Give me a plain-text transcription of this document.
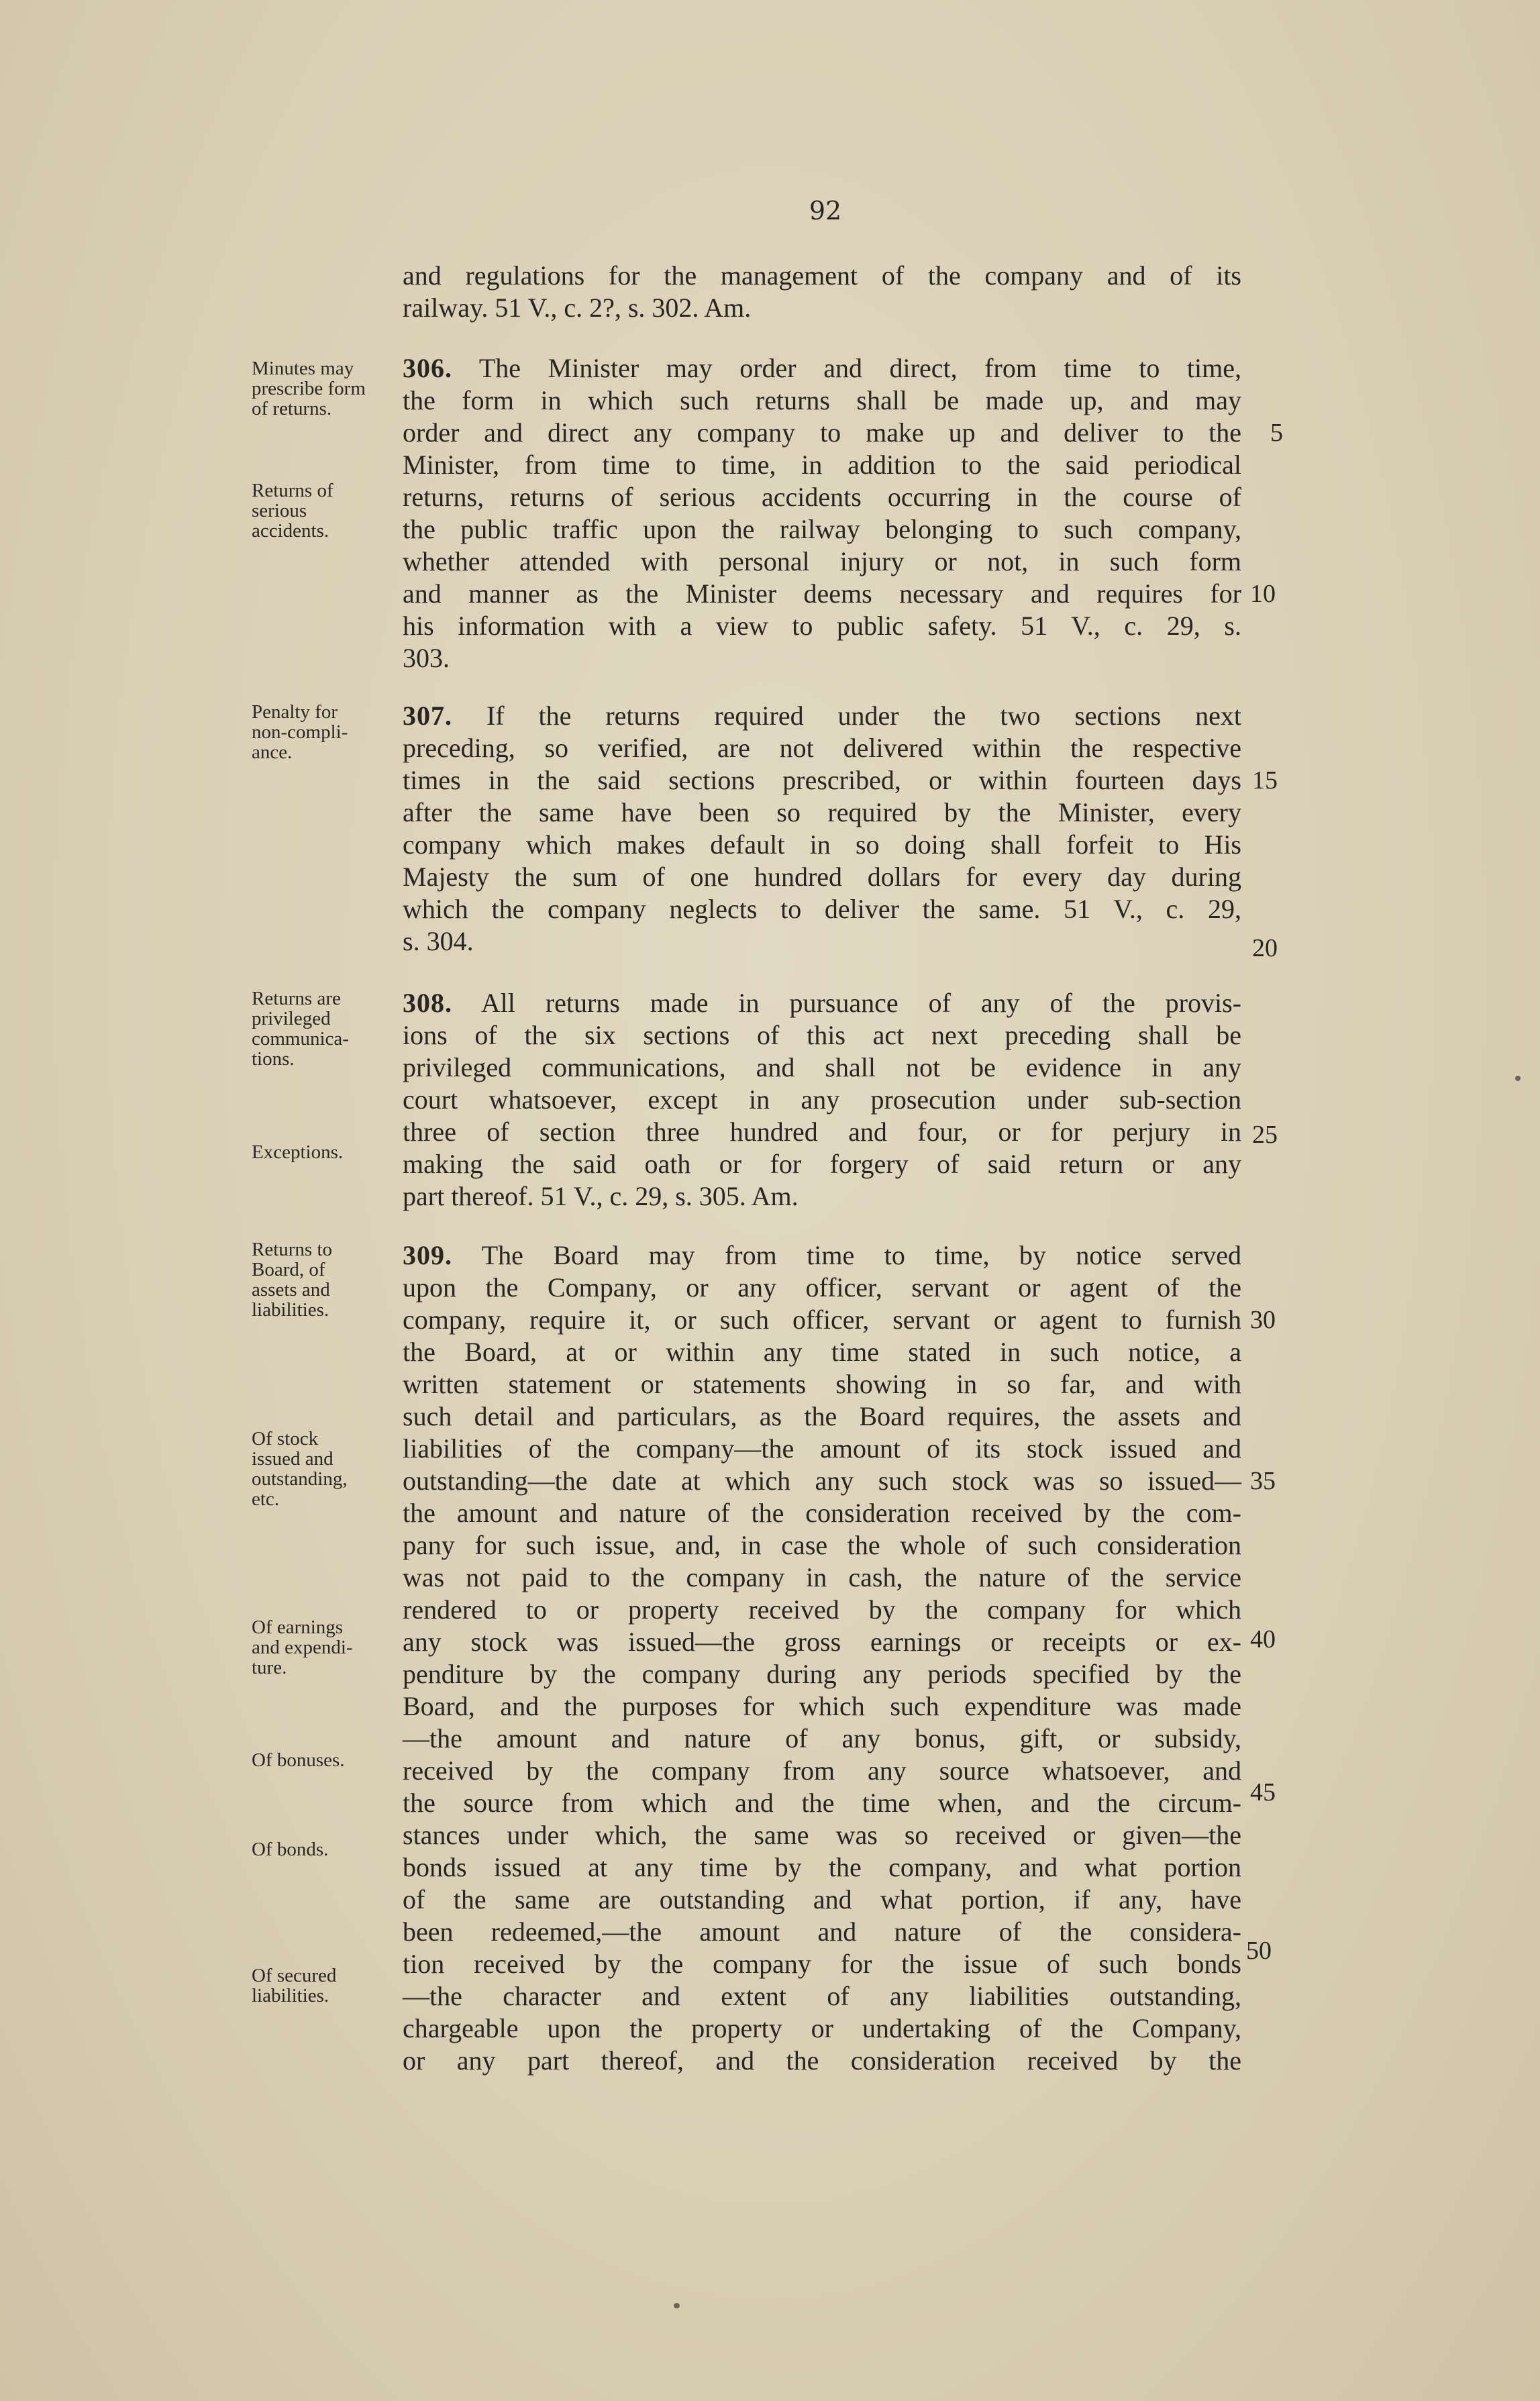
92
and regulations for the management of the company and of its
railway. 51 V., c. 2?, s. 302. Am.
306. The Minister may order and direct, from time to time,
the form in which such returns shall be made up, and may
order and direct any company to make up and deliver to the
Minister, from time to time, in addition to the said periodical
returns, returns of serious accidents occurring in the course of
the public traffic upon the railway belonging to such company,
whether attended with personal injury or not, in such form
and manner as the Minister deems necessary and requires for
his information with a view to public safety. 51 V., c. 29, s.
303.
307. If the returns required under the two sections next
preceding, so verified, are not delivered within the respective
times in the said sections prescribed, or within fourteen days
after the same have been so required by the Minister, every
company which makes default in so doing shall forfeit to His
Majesty the sum of one hundred dollars for every day during
which the company neglects to deliver the same. 51 V., c. 29,
s. 304.
308. All returns made in pursuance of any of the provis-
ions of the six sections of this act next preceding shall be
privileged communications, and shall not be evidence in any
court whatsoever, except in any prosecution under sub-section
three of section three hundred and four, or for perjury in
making the said oath or for forgery of said return or any
part thereof. 51 V., c. 29, s. 305. Am.
309. The Board may from time to time, by notice served
upon the Company, or any officer, servant or agent of the
company, require it, or such officer, servant or agent to furnish
the Board, at or within any time stated in such notice, a
written statement or statements showing in so far, and with
such detail and particulars, as the Board requires, the assets and
liabilities of the company—the amount of its stock issued and
outstanding—the date at which any such stock was so issued—
the amount and nature of the consideration received by the com-
pany for such issue, and, in case the whole of such consideration
was not paid to the company in cash, the nature of the service
rendered to or property received by the company for which
any stock was issued—the gross earnings or receipts or ex-
penditure by the company during any periods specified by the
Board, and the purposes for which such expenditure was made
—the amount and nature of any bonus, gift, or subsidy,
received by the company from any source whatsoever, and
the source from which and the time when, and the circum-
stances under which, the same was so received or given—the
bonds issued at any time by the company, and what portion
of the same are outstanding and what portion, if any, have
been redeemed,—the amount and nature of the considera-
tion received by the company for the issue of such bonds
—the character and extent of any liabilities outstanding,
chargeable upon the property or undertaking of the Company,
or any part thereof, and the consideration received by the
5
10
15
20
25
30
35
40
45
50
Minutes may
prescribe form
of returns.
Returns of
serious
accidents.
Penalty for
non-compli-
ance.
Returns are
privileged
communica-
tions.
Exceptions.
Returns to
Board, of
assets and
liabilities.
Of stock
issued and
outstanding,
etc.
Of earnings
and expendi-
ture.
Of bonuses.
Of bonds.
Of secured
liabilities.
